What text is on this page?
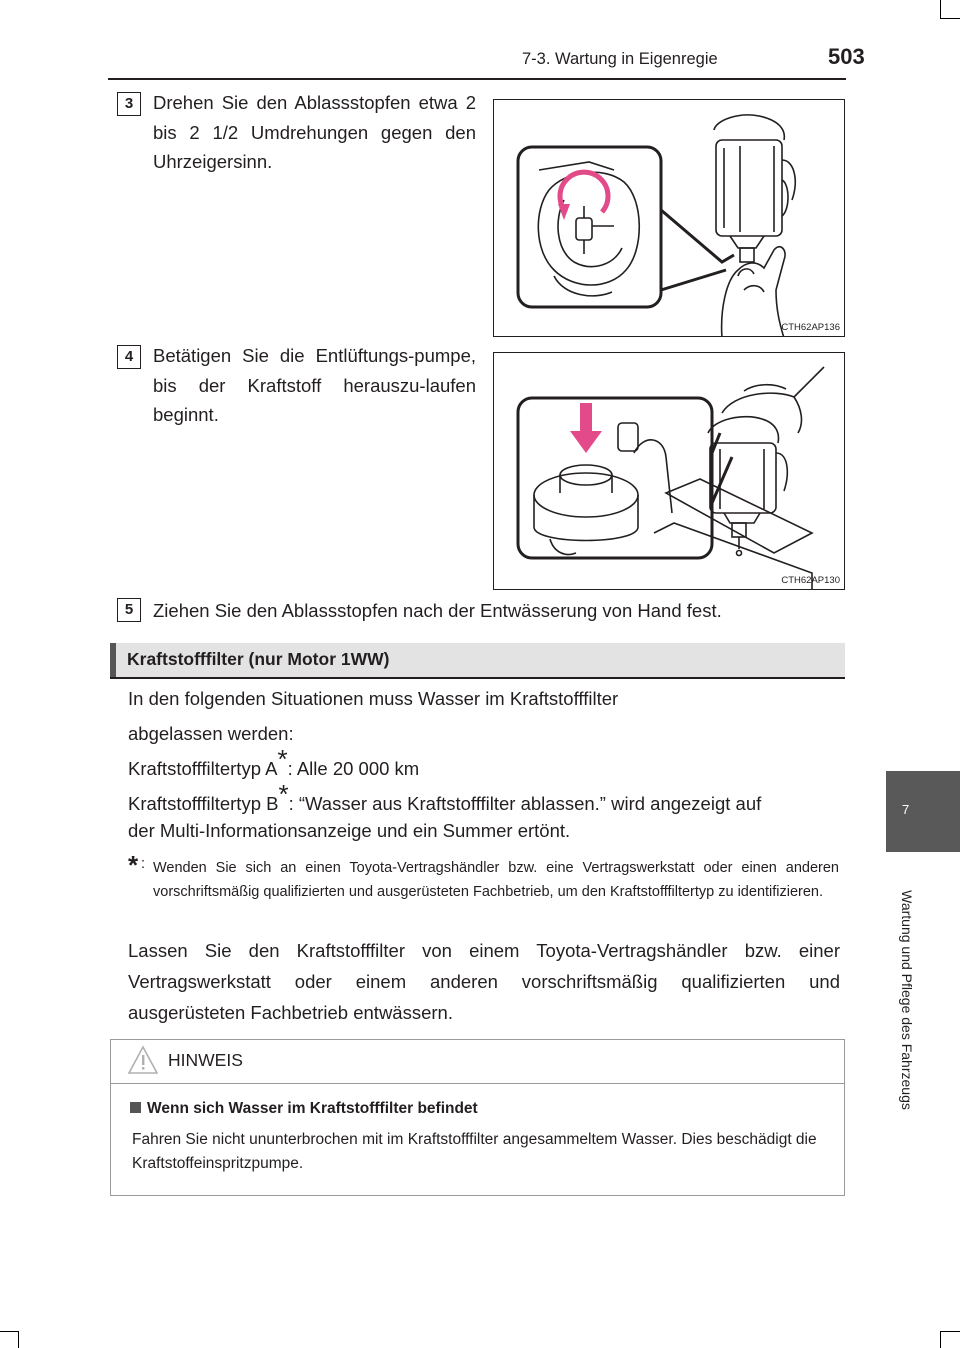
7-3. Wartung in Eigenregie	503
7
Wartung und Pflege des Fahrzeugs
3	Drehen Sie den Ablassstopfen etwa 2 bis 2 1/2 Umdrehungen gegen den Uhrzeigersinn.
CTH62AP136
4	Betätigen Sie die Entlüftungs-pumpe, bis der Kraftstoff herauszu-laufen beginnt.
CTH62AP130
5	Ziehen Sie den Ablassstopfen nach der Entwässerung von Hand fest.
Kraftstofffilter (nur Motor 1WW)
In den folgenden Situationen muss Wasser im Kraftstofffilter
abgelassen werden:
Kraftstofffiltertyp A*: Alle 20 000 km
Kraftstofffiltertyp B*: “Wasser aus Kraftstofffilter ablassen.” wird angezeigt auf
der Multi-Informationsanzeige und ein Summer ertönt.
* : Wenden Sie sich an einen Toyota-Vertragshändler bzw. eine Vertragswerkstatt oder einen anderen vorschriftsmäßig qualifizierten und ausgerüsteten Fachbetrieb, um den Kraftstofffiltertyp zu identifizieren.
Lassen Sie den Kraftstofffilter von einem Toyota-Vertragshändler bzw. einer Vertragswerkstatt oder einem anderen vorschriftsmäßig qualifizierten und ausgerüsteten Fachbetrieb entwässern.
HINWEIS
Wenn sich Wasser im Kraftstofffilter befindet
Fahren Sie nicht ununterbrochen mit im Kraftstofffilter angesammeltem Wasser. Dies beschädigt die Kraftstoffeinspritzpumpe.
